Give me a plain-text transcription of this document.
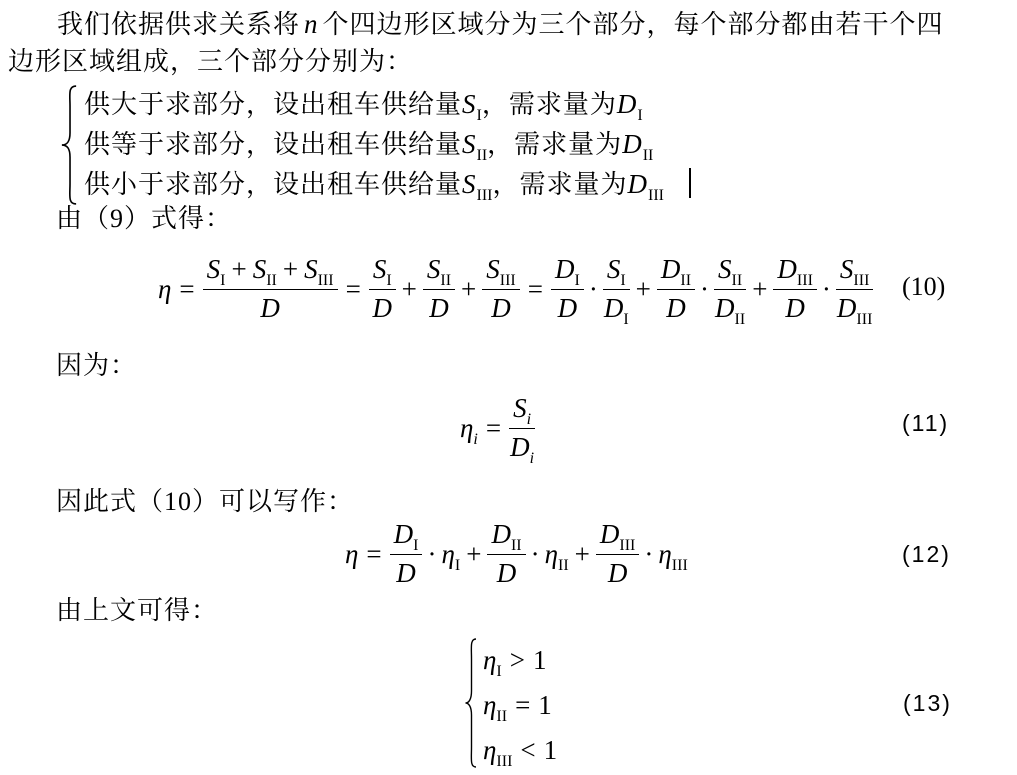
我们依据供求关系将 n 个四边形区域分为三个部分，每个部分都由若干个四
边形区域组成，三个部分分别为：
供大于求部分，设出租车供给量$S_I$，需求量为$D_I$
供等于求部分，设出租车供给量$S_{II}$，需求量为$D_{II}$
供小于求部分，设出租车供给量$S_{III}$，需求量为$D_{III}$
由（9）式得：
$\eta = \frac{S_I + S_{II} + S_{III}}{D} = \frac{S_I}{D} + \frac{S_{II}}{D} + \frac{S_{III}}{D} = \frac{D_I}{D} \cdot \frac{S_I}{D_I} + \frac{D_{II}}{D} \cdot \frac{S_{II}}{D_{II}} + \frac{D_{III}}{D} \cdot \frac{S_{III}}{D_{III}} (10)$
因为：
$\eta_i = \frac{S_i}{D_i}$	(11)
因此式（10）可以写作：
$\eta = \frac{D_I}{D} \cdot \eta_I + \frac{D_{II}}{D} \cdot \eta_{II} + \frac{D_{III}}{D} \cdot \eta_{III}$	(12)
由上文可得：
$\eta_I > 1$
$\eta_{II} = 1$
$\eta_{III} < 1$
(13)
